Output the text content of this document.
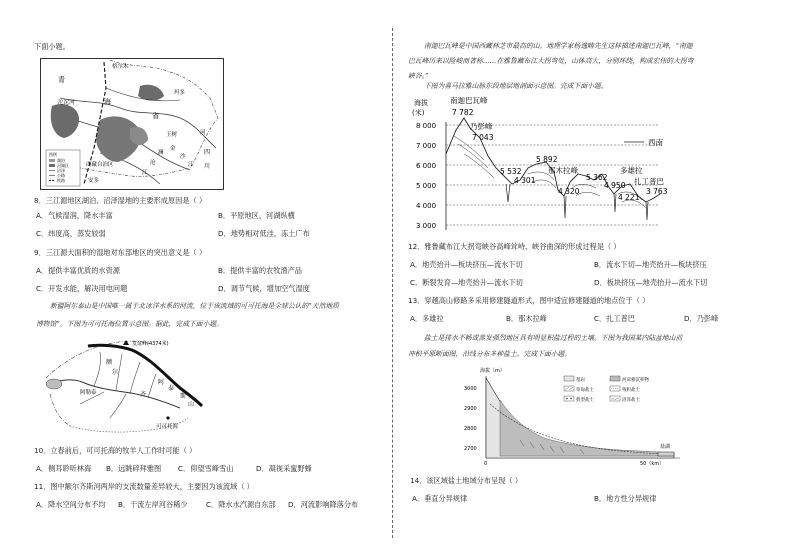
下面小题。
图例
湖泊
河湖区
沼泽
公路
铁路
青
格尔木
海
沱沱河
省
玛多
玉树
金
沙
江
澜
沧
江
河
四
川
西藏自治区
安多
8．三江源地区湖泊、沼泽湿地的主要形成原因是（ ）
A．气候湿润，降水丰富	B．平原地区，河湖纵横
C．纬度高，蒸发较弱	D．地势相对低洼，冻土广布
9．三江源大面积的湿地对东部地区的突出意义是（ ）
A．提供丰富优质的水资源	B．提供丰富的农牧渔产品
C．开发水能，解决用电问题	D．调节气候，增加空气湿度
新疆阿尔泰山是中国唯一属于北冰洋水系的河流，位于该流域的可可托海是全球公认的“天然地质
博物馆”。下图为可可托海位置示意图。据此，完成下面小题。
友谊峰(4374米)
额
尔
齐	斯
阿勒泰
阿
山
泰
可可托海
10．立春前后，可可托海的牧羊人工作时可能（ ）
A．侧耳聆听林海 B．远眺碎拜雅图 C．仰望雪峰雪山	D．凝视采蜜野蜂
11．图中额尔齐斯河两岸的支流数量差异较大，主要因为该流域（ ）
A．降水空间分布不均 B．干流左岸河谷稀少	C．降水水汽源自东部 D．河流影响降落分布
南迦巴瓦峰是中国西藏林芝市最高的山。地理学家杨逸畴先生这样描述南迦巴瓦峰，“南迦
巴瓦峰历来以险峻而著称……在雅鲁藏布江大拐弯处，山体高大，分别环绕，构成宏伟的大拐弯
峡谷。”
下图为喜马拉雅山脉东段地层地剖面示意图。完成下面小题。
海拔
(米)
8 000
7 000
6 000
5 000
4 000
3 000
南迦巴瓦峰
7 782
乃彭峰
7 043
西南
5 892
5 532	那木拉峰
5 362
多雄拉
4 301
4 320
4 950 扎工普巴
4 221
3 763
12．雅鲁藏布江大拐弯峡谷高峰耸峙、峡谷曲深的形成过程是（ ）
A．地壳抬升—板块挤压—流水下切	B．流水下切—地壳抬升—板块挤压
C．断裂发育—地壳抬升—流水下切	D．板块挤压—地壳抬升—流水下切
13．穿越高山修路多采用修建隧道形式，图中适宜修建隧道的地点位于（ ）
A．多雄拉	B．那木拉峰	C．扎工普巴	D．乃彭峰
盐土是排水不畅或蒸发强烈地区具有明显积盐过程的土壤。下图为我国某内陆盆地山前
冲积平原断面图，沿线分布多种盐土。完成下面小题。
海拔（m）
3000
2900
2800
2700
0	50（km）
盐湖
基岩	河床相沉积物
草甸盐土	残积盐土
典型盐土	沼泽盐土
14．该区域盐土地域分布呈现（ ）
A．垂直分异规律	B．地方性分异规律
